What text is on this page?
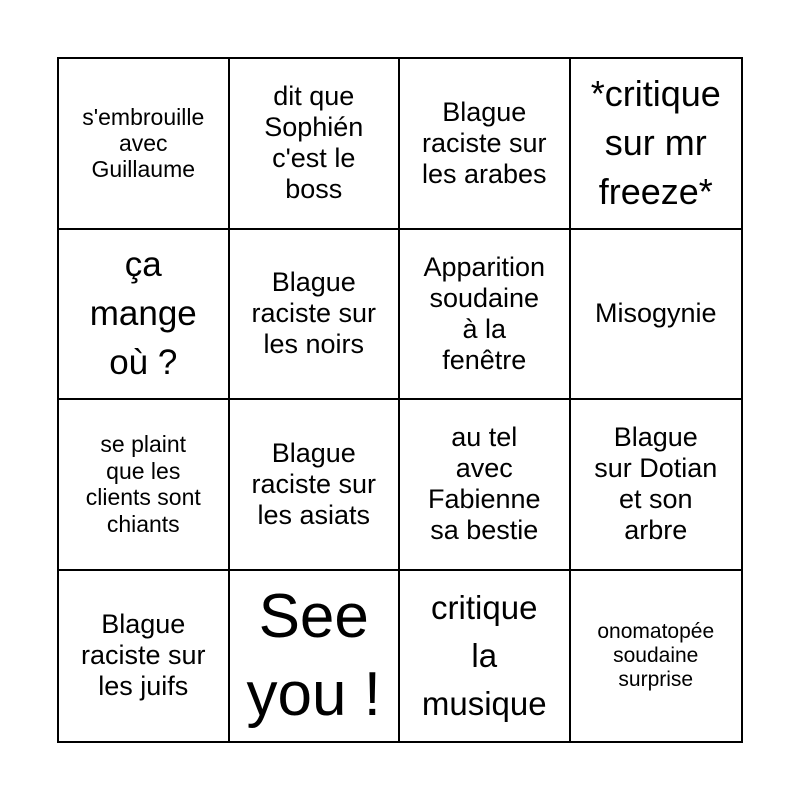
s'embrouille
avec
Guillaume
dit que
Sophién
c'est le
boss
Blague
raciste sur
les arabes
*critique
sur mr
freeze*
ça
mange
où ?
Blague
raciste sur
les noirs
Apparition
soudaine
à la
fenêtre
Misogynie
se plaint
que les
clients sont
chiants
Blague
raciste sur
les asiats
au tel
avec
Fabienne
sa bestie
Blague
sur Dotian
et son
arbre
Blague
raciste sur
les juifs
See
you !
critique
la
musique
onomatopée
soudaine
surprise
